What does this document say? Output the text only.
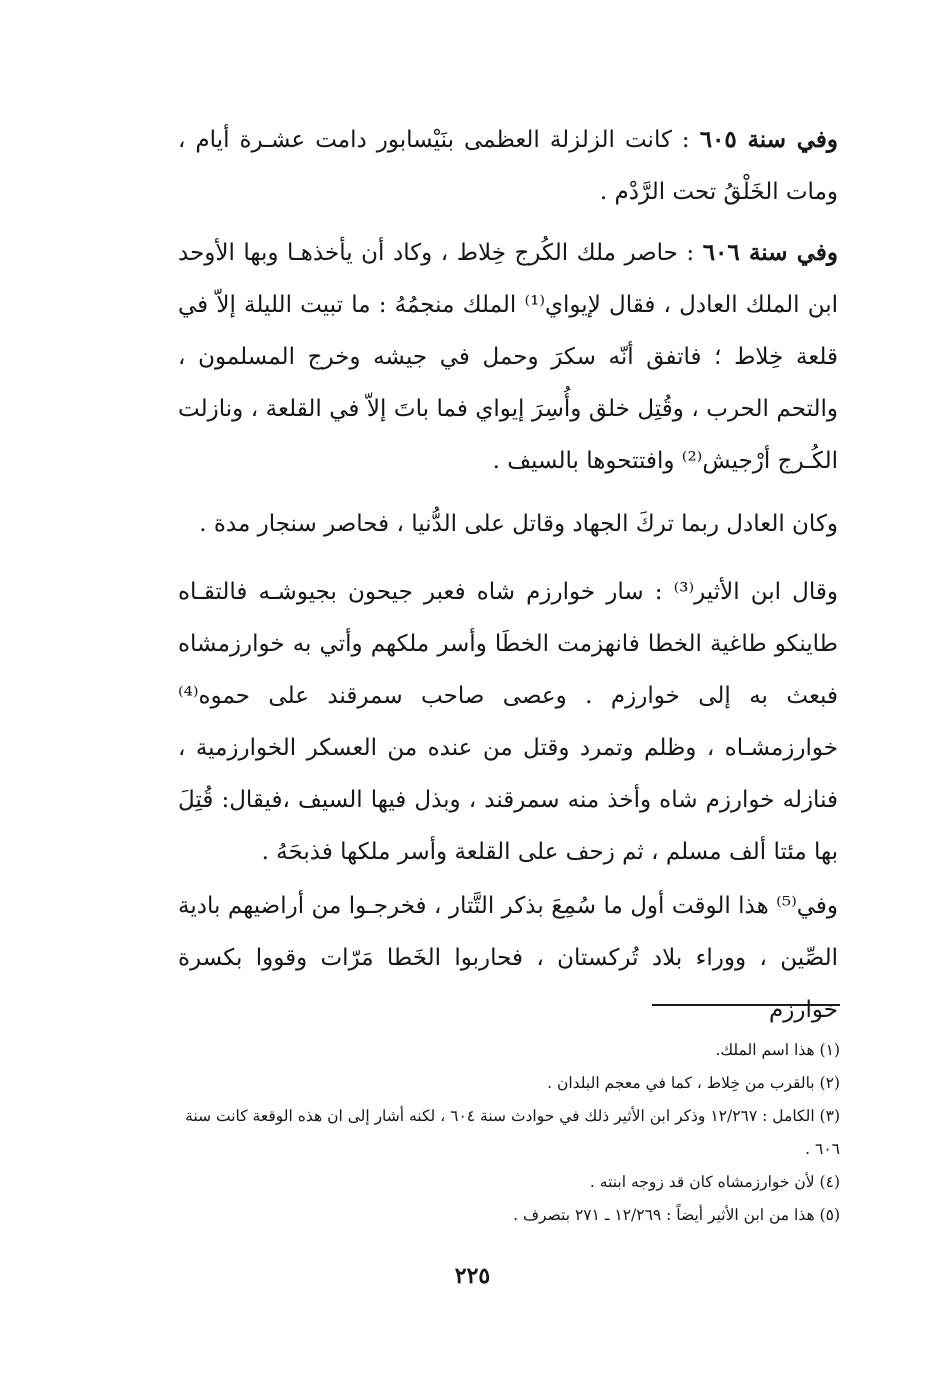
وفي سنة ٦٠٥ : كانت الزلزلة العظمى بنَيْسابور دامت عشـرة أيام ، ومات الخَلْقُ تحت الرَّدْم .
وفي سنة ٦٠٦ : حاصر ملك الكُرج خِلاط ، وكاد أن يأخذهـا وبها الأوحد ابن الملك العادل ، فقال لإيواي⁽¹⁾ الملك منجمُهُ : ما تبيت الليلة إلاّ في قلعة خِلاط ؛ فاتفق أنّه سكرَ وحمل في جيشه وخرج المسلمون ، والتحم الحرب ، وقُتِل خلق وأُسِرَ إيواي فما باتَ إلاّ في القلعة ، ونازلت الكُـرج أرْجيش⁽²⁾ وافتتحوها بالسيف .
وكان العادل ربما تركَ الجهاد وقاتل على الدُّنيا ، فحاصر سنجار مدة .
وقال ابن الأثير⁽³⁾ : سار خوارزم شاه فعبر جيحون بجيوشـه فالتقـاه طاينكو طاغية الخطا فانهزمت الخطَا وأسر ملكهم وأتي به خوارزمشاه فبعث به إلى خوارزم . وعصى صاحب سمرقند على حموه⁽⁴⁾ خوارزمشـاه ، وظلم وتمرد وقتل من عنده من العسكر الخوارزمية ، فنازله خوارزم شاه وأخذ منه سمرقند ، وبذل فيها السيف ،فيقال: قُتِلَ بها مئتا ألف مسلم ، ثم زحف على القلعة وأسر ملكها فذبحَهُ .
وفي⁽⁵⁾ هذا الوقت أول ما سُمِعَ بذكر التَّتار ، فخرجـوا من أراضيهم بادية الصِّين ، ووراء بلاد تُركستان ، فحاربوا الخَطا مَرّات وقووا بكسرة خوارزم
(١) هذا اسم الملك.
(٢) بالقرب من خِلاط ، كما في معجم البلدان .
(٣) الكامل : ١٢/٢٦٧ وذكر ابن الأثير ذلك في حوادث سنة ٦٠٤ ، لكنه أشار إلى ان هذه الوقعة كانت سنة ٦٠٦ .
(٤) لأن خوارزمشاه كان قد زوجه ابنته .
(٥) هذا من ابن الأثير أيضاً : ١٢/٢٦٩ ـ ٢٧١ بتصرف .
٢٢٥
